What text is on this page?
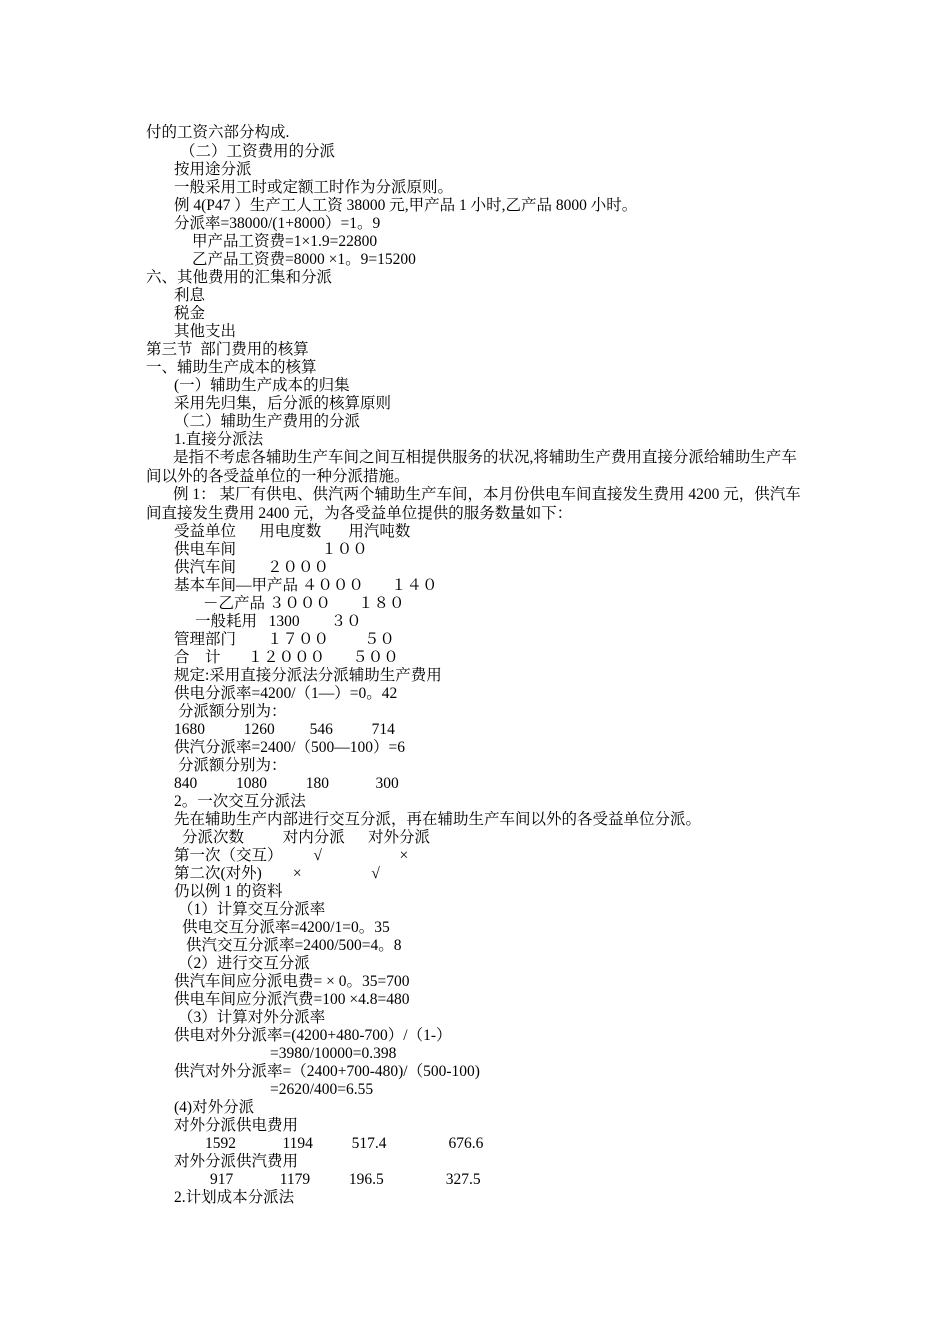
付的工资六部分构成.
（二）工资费用的分派
按用途分派
一般采用工时或定额工时作为分派原则。
例 4(P47 ）生产工人工资 38000 元,甲产品 1 小时,乙产品 8000 小时。
分派率=38000/(1+8000）=1。9
甲产品工资费=1×1.9=22800
乙产品工资费=8000 ×1。9=15200
六、其他费用的汇集和分派
利息
税金
其他支出
第三节  部门费用的核算
一、辅助生产成本的核算
(一）辅助生产成本的归集
采用先归集，后分派的核算原则
（二）辅助生产费用的分派
1.直接分派法
是指不考虑各辅助生产车间之间互相提供服务的状况,将辅助生产费用直接分派给辅助生产车间以外的各受益单位的一种分派措施。
例 1： 某厂有供电、供汽两个辅助生产车间，本月份供电车间直接发生费用 4200 元，供汽车间直接发生费用 2400 元，为各受益单位提供的服务数量如下：
受益单位      用电度数       用汽吨数
供电车间                      １００
供汽车间        ２０００
基本车间—甲产品 ４０００       １４０
－乙产品 ３０００       １８０
一般耗用   1300        ３０
管理部门        １７００         ５０
合    计       １２０００       ５００
规定:采用直接分派法分派辅助生产费用
供电分派率=4200/（1—）=0。42
分派额分别为：
1680          1260         546          714
供汽分派率=2400/（500—100）=6
分派额分别为：
840          1080          180            300
2。一次交互分派法
先在辅助生产内部进行交互分派，再在辅助生产车间以外的各受益单位分派。
分派次数          对内分派      对外分派
第一次（交互）        √                    ×
第二次(对外)        ×                  √
仍以例 1 的资料
（1）计算交互分派率
供电交互分派率=4200/1=0。35
供汽交互分派率=2400/500=4。8
（2）进行交互分派
供汽车间应分派电费= × 0。35=700
供电车间应分派汽费=100 ×4.8=480
（3）计算对外分派率
供电对外分派率=(4200+480-700）/（1-）
=3980/10000=0.398
供汽对外分派率=（2400+700-480)/（500-100)
=2620/400=6.55
(4)对外分派
对外分派供电费用
1592            1194          517.4                676.6
对外分派供汽费用
917            1179          196.5                327.5
2.计划成本分派法
